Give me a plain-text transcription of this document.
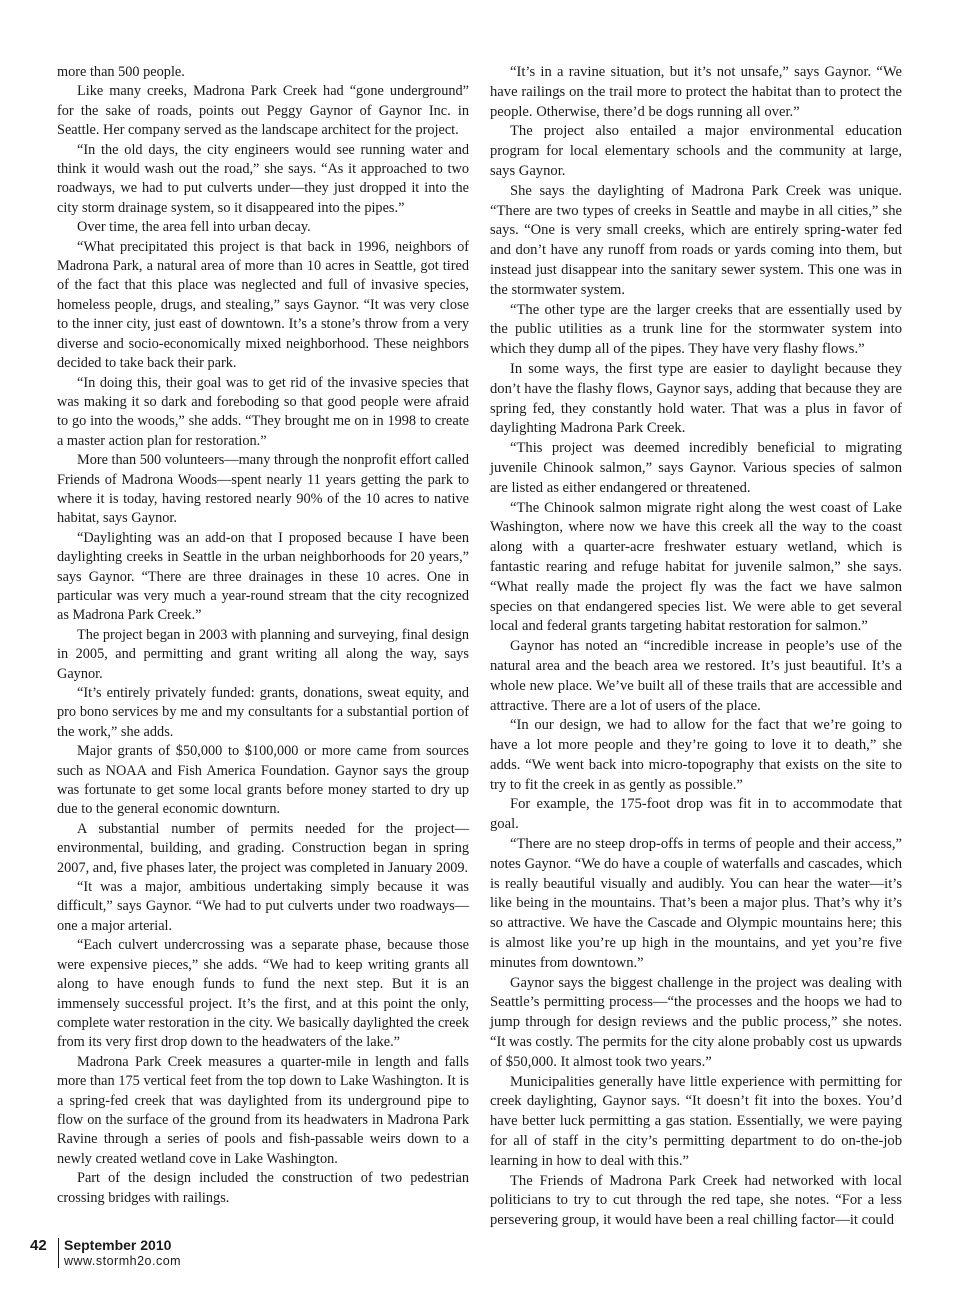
more than 500 people.

Like many creeks, Madrona Park Creek had “gone underground” for the sake of roads, points out Peggy Gaynor of Gaynor Inc. in Seattle. Her company served as the landscape architect for the project.

“In the old days, the city engineers would see running water and think it would wash out the road,” she says. “As it approached to two roadways, we had to put culverts under—they just dropped it into the city storm drainage system, so it disappeared into the pipes.”

Over time, the area fell into urban decay.

“What precipitated this project is that back in 1996, neighbors of Madrona Park, a natural area of more than 10 acres in Seattle, got tired of the fact that this place was neglected and full of invasive species, homeless people, drugs, and stealing,” says Gaynor. “It was very close to the inner city, just east of downtown. It’s a stone’s throw from a very diverse and socio-economically mixed neighborhood. These neighbors decided to take back their park.

“In doing this, their goal was to get rid of the invasive species that was making it so dark and foreboding so that good people were afraid to go into the woods,” she adds. “They brought me on in 1998 to create a master action plan for restoration.”

More than 500 volunteers—many through the nonprofit effort called Friends of Madrona Woods—spent nearly 11 years getting the park to where it is today, having restored nearly 90% of the 10 acres to native habitat, says Gaynor.

“Daylighting was an add-on that I proposed because I have been daylighting creeks in Seattle in the urban neighborhoods for 20 years,” says Gaynor. “There are three drainages in these 10 acres. One in particular was very much a year-round stream that the city recognized as Madrona Park Creek.”

The project began in 2003 with planning and surveying, final design in 2005, and permitting and grant writing all along the way, says Gaynor.

“It’s entirely privately funded: grants, donations, sweat equity, and pro bono services by me and my consultants for a substantial portion of the work,” she adds.

Major grants of $50,000 to $100,000 or more came from sources such as NOAA and Fish America Foundation. Gaynor says the group was fortunate to get some local grants before money started to dry up due to the general economic downturn.

A substantial number of permits needed for the project—environmental, building, and grading. Construction began in spring 2007, and, five phases later, the project was completed in January 2009.

“It was a major, ambitious undertaking simply because it was difficult,” says Gaynor. “We had to put culverts under two roadways—one a major arterial.

“Each culvert undercrossing was a separate phase, because those were expensive pieces,” she adds. “We had to keep writing grants all along to have enough funds to fund the next step. But it is an immensely successful project. It’s the first, and at this point the only, complete water restoration in the city. We basically daylighted the creek from its very first drop down to the headwaters of the lake.”

Madrona Park Creek measures a quarter-mile in length and falls more than 175 vertical feet from the top down to Lake Washington. It is a spring-fed creek that was daylighted from its underground pipe to flow on the surface of the ground from its headwaters in Madrona Park Ravine through a series of pools and fish-passable weirs down to a newly created wetland cove in Lake Washington.

Part of the design included the construction of two pedestrian crossing bridges with railings.

“It’s in a ravine situation, but it’s not unsafe,” says Gaynor. “We have railings on the trail more to protect the habitat than to protect the people. Otherwise, there’d be dogs running all over.”

The project also entailed a major environmental education program for local elementary schools and the community at large, says Gaynor.

She says the daylighting of Madrona Park Creek was unique. “There are two types of creeks in Seattle and maybe in all cities,” she says. “One is very small creeks, which are entirely spring-water fed and don’t have any runoff from roads or yards coming into them, but instead just disappear into the sanitary sewer system. This one was in the stormwater system.

“The other type are the larger creeks that are essentially used by the public utilities as a trunk line for the stormwater system into which they dump all of the pipes. They have very flashy flows.”

In some ways, the first type are easier to daylight because they don’t have the flashy flows, Gaynor says, adding that because they are spring fed, they constantly hold water. That was a plus in favor of daylighting Madrona Park Creek.

“This project was deemed incredibly beneficial to migrating juvenile Chinook salmon,” says Gaynor. Various species of salmon are listed as either endangered or threatened.

“The Chinook salmon migrate right along the west coast of Lake Washington, where now we have this creek all the way to the coast along with a quarter-acre freshwater estuary wetland, which is fantastic rearing and refuge habitat for juvenile salmon,” she says. “What really made the project fly was the fact we have salmon species on that endangered species list. We were able to get several local and federal grants targeting habitat restoration for salmon.”

Gaynor has noted an “incredible increase in people’s use of the natural area and the beach area we restored. It’s just beautiful. It’s a whole new place. We’ve built all of these trails that are accessible and attractive. There are a lot of users of the place.

“In our design, we had to allow for the fact that we’re going to have a lot more people and they’re going to love it to death,” she adds. “We went back into micro-topography that exists on the site to try to fit the creek in as gently as possible.”

For example, the 175-foot drop was fit in to accommodate that goal.

“There are no steep drop-offs in terms of people and their access,” notes Gaynor. “We do have a couple of waterfalls and cascades, which is really beautiful visually and audibly. You can hear the water—it’s like being in the mountains. That’s been a major plus. That’s why it’s so attractive. We have the Cascade and Olympic mountains here; this is almost like you’re up high in the mountains, and yet you’re five minutes from downtown.”

Gaynor says the biggest challenge in the project was dealing with Seattle’s permitting process—“the processes and the hoops we had to jump through for design reviews and the public process,” she notes. “It was costly. The permits for the city alone probably cost us upwards of $50,000. It almost took two years.”

Municipalities generally have little experience with permitting for creek daylighting, Gaynor says. “It doesn’t fit into the boxes. You’d have better luck permitting a gas station. Essentially, we were paying for all of staff in the city’s permitting department to do on-the-job learning in how to deal with this.”

The Friends of Madrona Park Creek had networked with local politicians to try to cut through the red tape, she notes. “For a less persevering group, it would have been a real chilling factor—it could

42 September 2010
www.stormh2o.com
